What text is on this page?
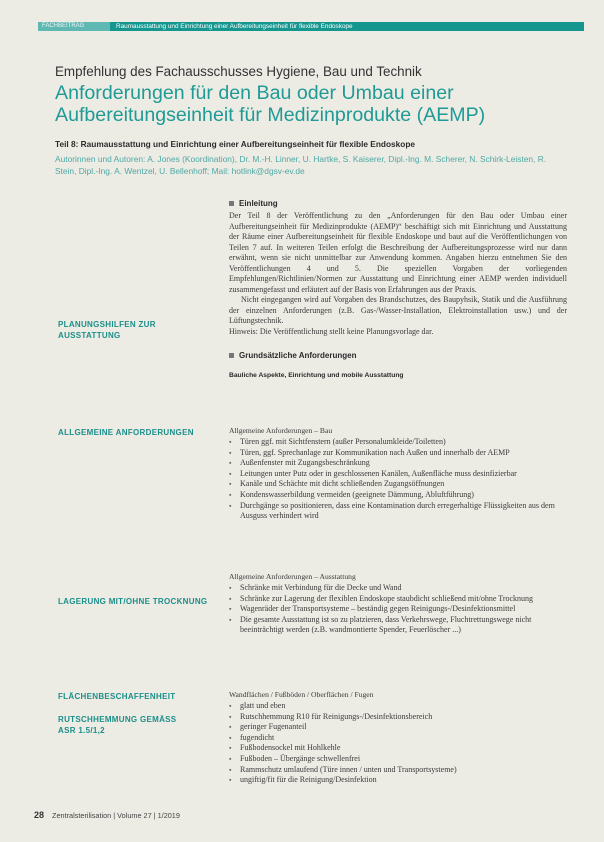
FACHBEITRAG	Raumausstattung und Einrichtung einer Aufbereitungseinheit für flexible Endoskope
Empfehlung des Fachausschusses Hygiene, Bau und Technik
Anforderungen für den Bau oder Umbau einer Aufbereitungseinheit für Medizinprodukte (AEMP)
Teil 8: Raumausstattung und Einrichtung einer Aufbereitungseinheit für flexible Endoskope
Autorinnen und Autoren: A. Jones (Koordination), Dr. M.-H. Linner, U. Hartke, S. Kaiserer, Dipl.-Ing. M. Scherer, N. Schirk-Leisten, R. Stein, Dipl.-Ing. A. Wentzel, U. Bellenhoff; Mail: hotlink@dgsv-ev.de
PLANUNGSHILFEN ZUR AUSSTATTUNG
ALLGEMEINE ANFORDERUNGEN
LAGERUNG MIT/OHNE TROCKNUNG
FLÄCHENBESCHAFFENHEIT
RUTSCHHEMMUNG GEMÄSS ASR 1.5/1,2
Einleitung

Der Teil 8 der Veröffentlichung zu den „Anforderungen für den Bau oder Umbau einer Aufbereitungseinheit für Medizinprodukte (AEMP)“ beschäftigt sich mit Einrichtung und Ausstattung der Räume einer Aufbereitungseinheit für flexible Endoskope und baut auf die Veröffentlichungen von Teilen 7 auf. In weiteren Teilen erfolgt die Beschreibung der Aufbereitungsprozesse wird nur dann erwähnt, wenn sie nicht unmittelbar zur Anwendung kommen. Angaben hierzu entnehmen Sie den Veröffentlichungen 4 und 5. Die speziellen Vorgaben der vorliegenden Empfehlungen/Richtlinien/Normen zur Ausstattung und Einrichtung einer AEMP werden individuell zusammengefasst und erläutert auf der Basis von Erfahrungen aus der Praxis.

Nicht eingegangen wird auf Vorgaben des Brandschutzes, des Baupyhsik, Statik und die Ausführung der einzelnen Anforderungen (z.B. Gas-/Wasser-Installation, Elektroinstallation usw.) und der Lüftungstechnik.

Hinweis: Die Veröffentlichung stellt keine Planungsvorlage dar.

Grundsätzliche Anforderungen
Bauliche Aspekte, Einrichtung und mobile Ausstattung
Allgemeine Anforderungen – Bau
▪ Türen ggf. mit Sichtfenstern (außer Personalumkleide/Toiletten)
▪ Türen, ggf. Sprechanlage zur Kommunikation nach Außen und innerhalb der AEMP
▪ Außenfenster mit Zugangsbeschränkung
▪ Leitungen unter Putz oder in geschlossenen Kanälen, Außenfläche muss desinfizierbar
▪ Kanäle und Schächte mit dicht schließenden Zugangsöffnungen
▪ Kondenswasserbildung vermeiden (geeignete Dämmung, Abluftführung)
▪ Durchgänge so positionieren, dass eine Kontamination durch erregerhaltige Flüssigkeiten aus dem Ausguss verhindert wird
Allgemeine Anforderungen – Ausstattung
▪ Schränke mit Verbindung für die Decke und Wand
▪ Schränke zur Lagerung der flexiblen Endoskope staubdicht schließend mit/ohne Trocknung
▪ Wagenräder der Transportsysteme – beständig gegen Reinigungs-/Desinfektionsmittel
▪ Die gesamte Ausstattung ist so zu platzieren, dass Verkehrswege, Fluchtrettungswege nicht beeinträchtigt werden (z.B. wandmontierte Spender, Feuerlöscher ...)
Wandflächen / Fußböden / Oberflächen / Fugen
▪ glatt und eben
▪ Rutschhemmung R10 für Reinigungs-/Desinfektionsbereich
▪ geringer Fugenanteil
▪ fugendicht
▪ Fußbodensockel mit Hohlkehle
▪ Fußboden – Übergänge schwellenfrei
▪ Rammschutz umlaufend (Türe innen / unten und Transportsysteme)
▪ ungiftig/fit für die Reinigung/Desinfektion
28 Zentralsterilisation | Volume 27 | 1/2019
